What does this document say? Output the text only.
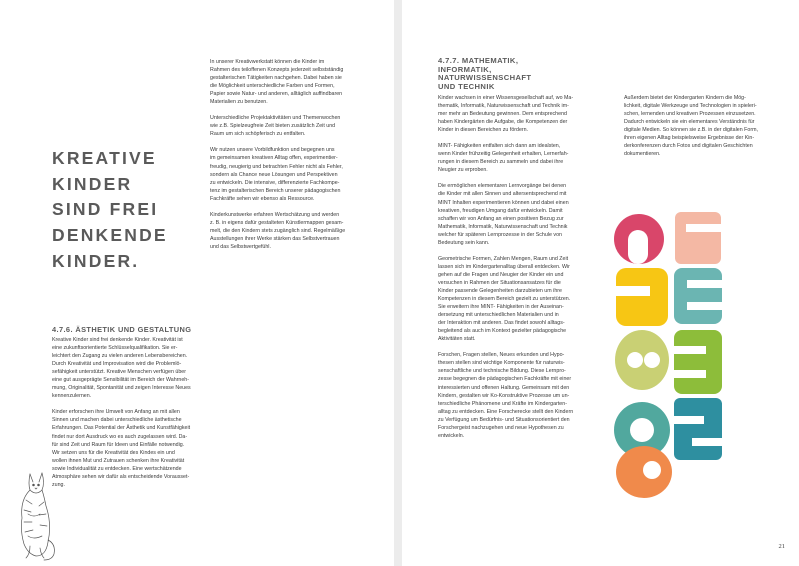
In unserer Kreativwerkstatt können die Kinder im
Rahmen des teiloffenen Konzepts jederzeit selbstständig
gestalterischen Tätigkeiten nachgehen. Dabei haben sie
die Möglichkeit unterschiedliche Farben und Formen,
Papier sowie Natur- und anderen, alltäglich auffindbaren
Materialien zu benutzen.

Unterschiedliche Projektaktivitäten und Themenwochen
wie z.B. Spielzeugfreie Zeit bieten zusätzlich Zeit und
Raum um sich schöpferisch zu entfalten.

Wir nutzen unsere Vorbildfunktion und begegnen uns
im gemeinsamen kreativen Alltag offen, experimentier-
freudig, neugierig und betrachten Fehler nicht als Fehler,
sondern als Chance neue Lösungen und Perspektiven
zu entwickeln. Die intensive, differenzierte Fachkompe-
tenz im gestalterischen Bereich unserer pädagogischen
Fachkräfte sehen wir ebenso als Ressource.

Kinderkunstwerke erfahren Wertschätzung und werden
z. B. in eigens dafür gestalteten Künstlermappen gesam-
melt, die den Kindern stets zugänglich sind. Regelmäßige
Ausstellungen ihrer Werke stärken das Selbstvertrauen
und das Selbstwertgefühl.

KREATIVE
KINDER
SIND FREI
DENKENDE
KINDER.
4.7.6. ÄSTHETIK UND GESTALTUNG

Kreative Kinder sind frei denkende Kinder. Kreativität ist
eine zukunftsorientierte Schlüsselqualifikation. Sie er-
leichtert den Zugang zu vielen anderen Lebensbereichen.
Durch Kreativität und Improvisation wird die Problemlö-
sefähigkeit unterstützt. Kreative Menschen verfügen über
eine gut ausgeprägte Sensibilität im Bereich der Wahrneh-
mung, Originalität, Spontanität und zeigen Interesse Neues
kennenzulernen.

Kinder erforschen ihre Umwelt von Anfang an mit allen
Sinnen und machen dabei unterschiedliche ästhetische
Erfahrungen. Das Potential der Ästhetik und Kunstfähigkeit
findet nur dort Ausdruck wo es auch zugelassen wird. Da-
für sind Zeit und Raum für Ideen und Einfälle notwendig.
Wir setzen uns für die Kreativität des Kindes ein und
wollen ihnen Mut und Zutrauen schenken ihre Kreativität
sowie Individualität zu entdecken. Eine wertschätzende
Atmosphäre sehen wir dafür als entscheidende Vorausset-
zung.

4.7.7. MATHEMATIK,
INFORMATIK,
NATURWISSENSCHAFT
UND TECHNIK

Kinder wachsen in einer Wissensgesellschaft auf, wo Ma-
thematik, Informatik, Naturwissenschaft und Technik im-
mer mehr an Bedeutung gewinnen. Dem entsprechend
haben Kindergärten die Aufgabe, die Kompetenzen der
Kinder in diesen Bereichen zu fördern.

MINT- Fähigkeiten entfalten sich dann am idealsten,
wenn Kinder frühzeitig Gelegenheit erhalten, Lernerfah-
rungen in diesem Bereich zu sammeln und dabei ihre
Neugier zu erproben.

Die ermöglichen elementaren Lernvorgänge bei denen
die Kinder mit allen Sinnen und altersentsprechend mit
MINT Inhalten experimentieren können und dabei einen
kreativen, freudigen Umgang dafür entwickeln. Damit
schaffen wir von Anfang an einen positiven Bezug zur
Mathematik, Informatik, Naturwissenschaft und Technik
welcher für späteren Lernprozesse in der Schule von
Bedeutung sein kann.

Geometrische Formen, Zahlen Mengen, Raum und Zeit
lassen sich im Kindergartenalltag überall entdecken. Wir
gehen auf die Fragen und Neugier der Kinder ein und
versuchen in Rahmen der Situationsansatzes für die
Kinder passende Gelegenheiten darzubieten um ihre
Kompetenzen in diesem Bereich gezielt zu unterstützen.
Sie erweitern ihre MINT- Fähigkeiten in der Auseinan-
dersetzung mit unterschiedlichen Materialien und in
der Interaktion mit anderen. Das findet sowohl alltags-
begleitend als auch im Kontext gezielter pädagogische
Aktivitäten statt.

Forschen, Fragen stellen, Neues erkunden und Hypo-
thesen stellen sind wichtige Komponente für naturwis-
senschaftliche und technische Bildung. Diese Lernpro-
zesse begegnen die pädagogischen Fachkräfte mit einer
interessierten und offenen Haltung. Gemeinsam mit den
Kindern, gestalten wir Ko-Konstruktive Prozesse um un-
terschiedliche Phänomene und Kräfte im Kindergarten-
alltag zu entdecken. Eine Forscherecke stellt den Kindern
zu Verfügung um Bedürfnis- und Situationsorientiert den
Forschergeist nachzugehen und neue Hypothesen zu
entwickeln.

Außerdem bietet der Kindergarten Kindern die Mög-
lichkeit, digitale Werkzeuge und Technologien in spieleri-
schen, lernenden und kreativen Prozessen einzusetzen.
Dadurch entwickeln sie ein elementares Verständnis für
digitale Medien. So können sie z.B. in der digitalen Form,
ihren eigenen Alltag beispielsweise Ergebnisse der Kin-
derkonferenzen durch Fotos und digitalen Geschichten
dokumentieren.

21
